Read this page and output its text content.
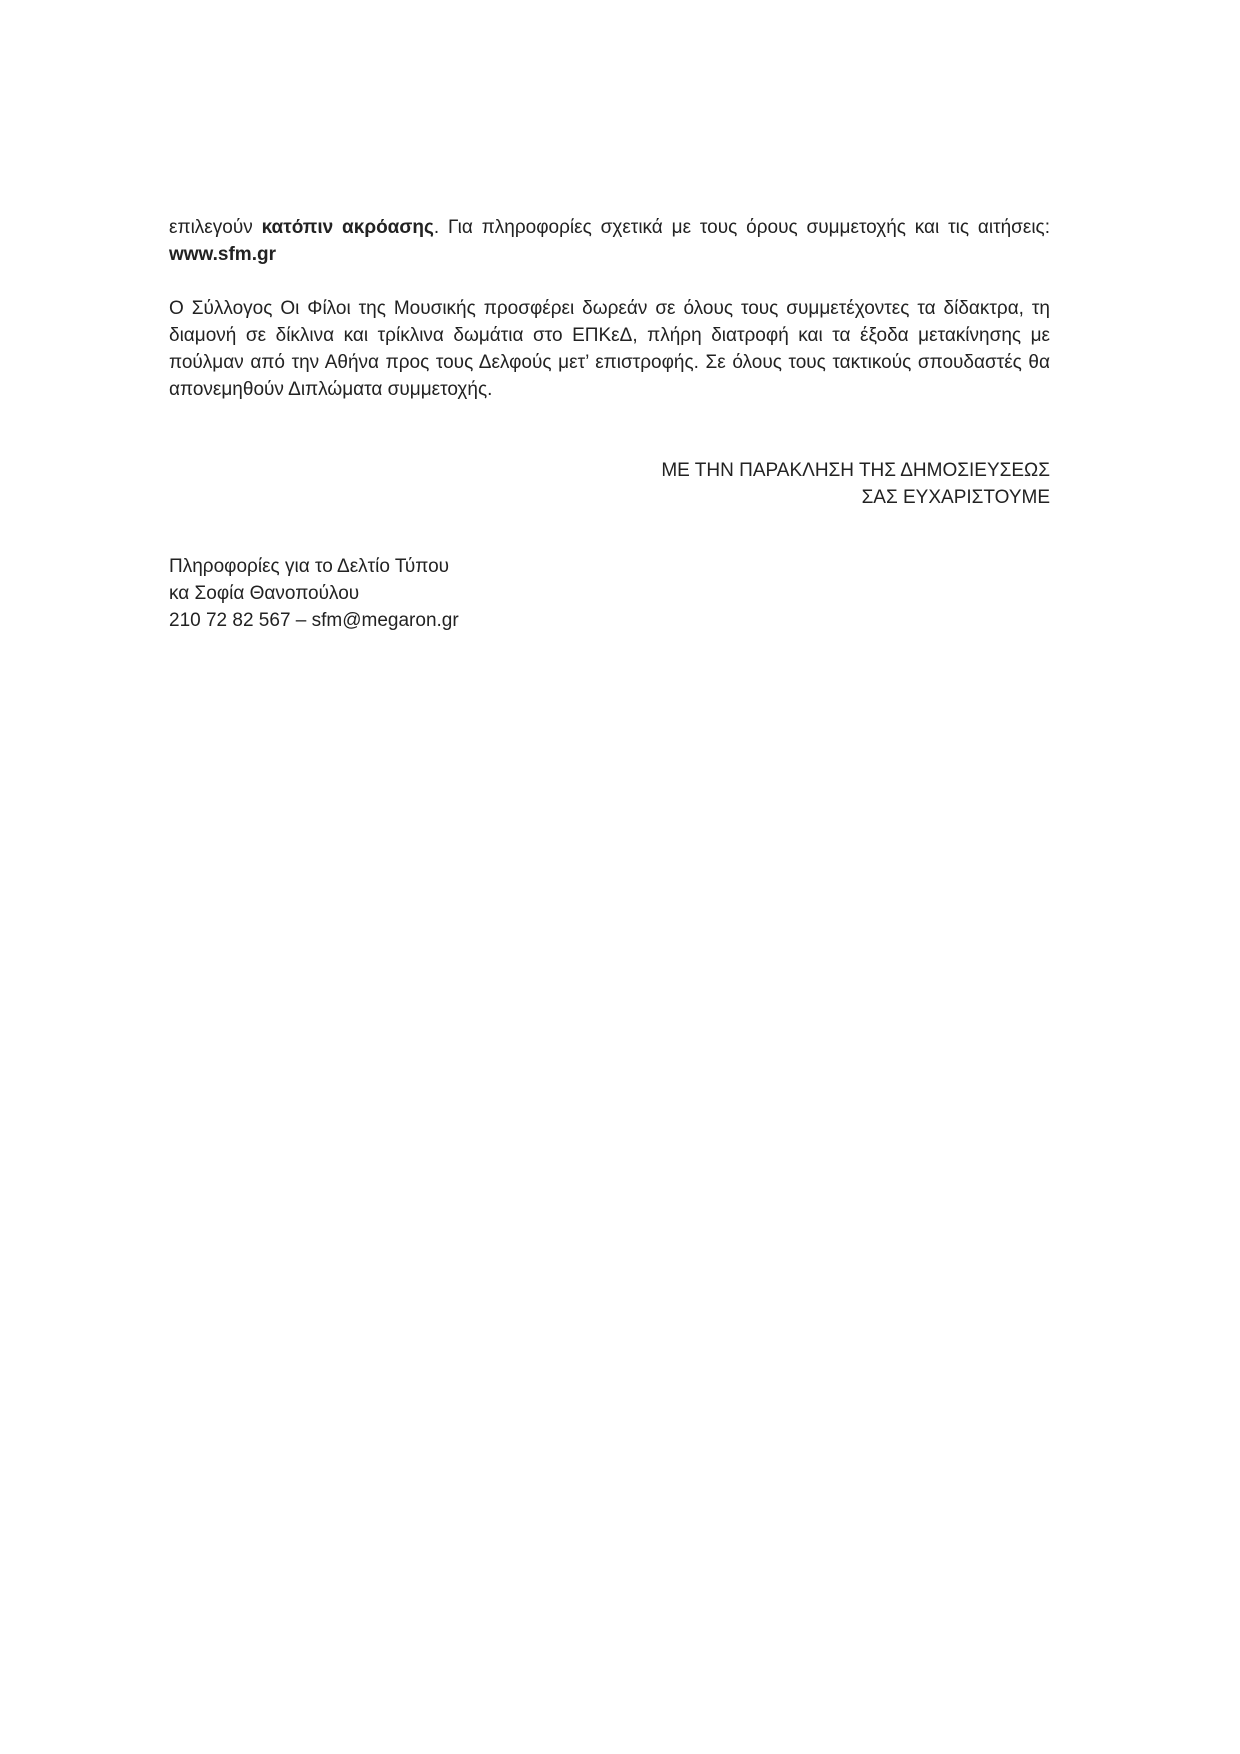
επιλεγούν κατόπιν ακρόασης. Για πληροφορίες σχετικά με τους όρους συμμετοχής και τις αιτήσεις: www.sfm.gr

Ο Σύλλογος Οι Φίλοι της Μουσικής προσφέρει δωρεάν σε όλους τους συμμετέχοντες τα δίδακτρα, τη διαμονή σε δίκλινα και τρίκλινα δωμάτια στο ΕΠΚεΔ, πλήρη διατροφή και τα έξοδα μετακίνησης με πούλμαν από την Αθήνα προς τους Δελφούς μετ’ επιστροφής. Σε όλους τους τακτικούς σπουδαστές θα απονεμηθούν Διπλώματα συμμετοχής.

ΜΕ ΤΗΝ ΠΑΡΑΚΛΗΣΗ ΤΗΣ ΔΗΜΟΣΙΕΥΣΕΩΣ
ΣΑΣ ΕΥΧΑΡΙΣΤΟΥΜΕ
Πληροφορίες για το Δελτίο Τύπου
κα Σοφία Θανοπούλου
210 72 82 567 – sfm@megaron.gr
